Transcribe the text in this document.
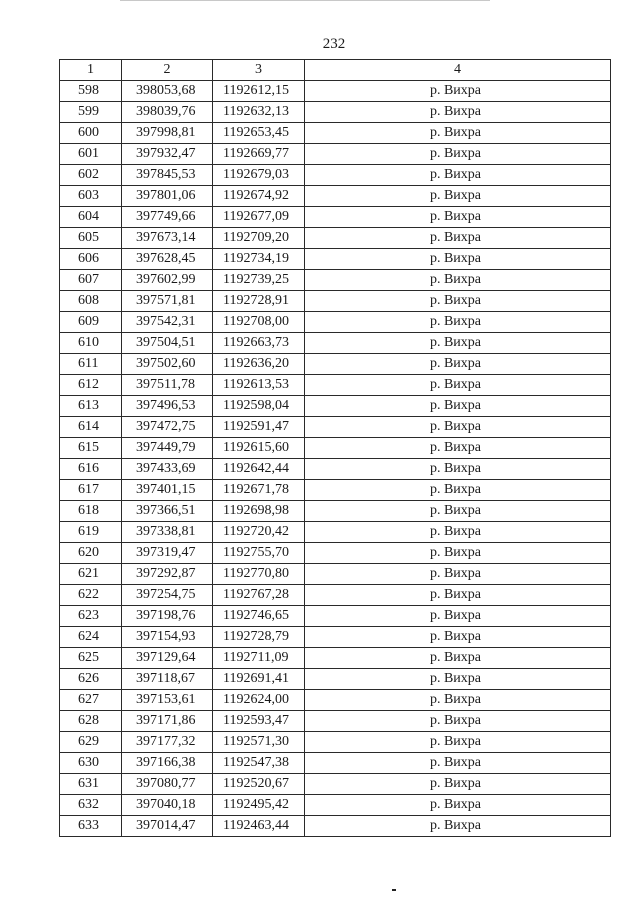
232
1	2	3	4
598	398053,68	1192612,15	р. Вихра
599	398039,76	1192632,13	р. Вихра
600	397998,81	1192653,45	р. Вихра
601	397932,47	1192669,77	р. Вихра
602	397845,53	1192679,03	р. Вихра
603	397801,06	1192674,92	р. Вихра
604	397749,66	1192677,09	р. Вихра
605	397673,14	1192709,20	р. Вихра
606	397628,45	1192734,19	р. Вихра
607	397602,99	1192739,25	р. Вихра
608	397571,81	1192728,91	р. Вихра
609	397542,31	1192708,00	р. Вихра
610	397504,51	1192663,73	р. Вихра
611	397502,60	1192636,20	р. Вихра
612	397511,78	1192613,53	р. Вихра
613	397496,53	1192598,04	р. Вихра
614	397472,75	1192591,47	р. Вихра
615	397449,79	1192615,60	р. Вихра
616	397433,69	1192642,44	р. Вихра
617	397401,15	1192671,78	р. Вихра
618	397366,51	1192698,98	р. Вихра
619	397338,81	1192720,42	р. Вихра
620	397319,47	1192755,70	р. Вихра
621	397292,87	1192770,80	р. Вихра
622	397254,75	1192767,28	р. Вихра
623	397198,76	1192746,65	р. Вихра
624	397154,93	1192728,79	р. Вихра
625	397129,64	1192711,09	р. Вихра
626	397118,67	1192691,41	р. Вихра
627	397153,61	1192624,00	р. Вихра
628	397171,86	1192593,47	р. Вихра
629	397177,32	1192571,30	р. Вихра
630	397166,38	1192547,38	р. Вихра
631	397080,77	1192520,67	р. Вихра
632	397040,18	1192495,42	р. Вихра
633	397014,47	1192463,44	р. Вихра
